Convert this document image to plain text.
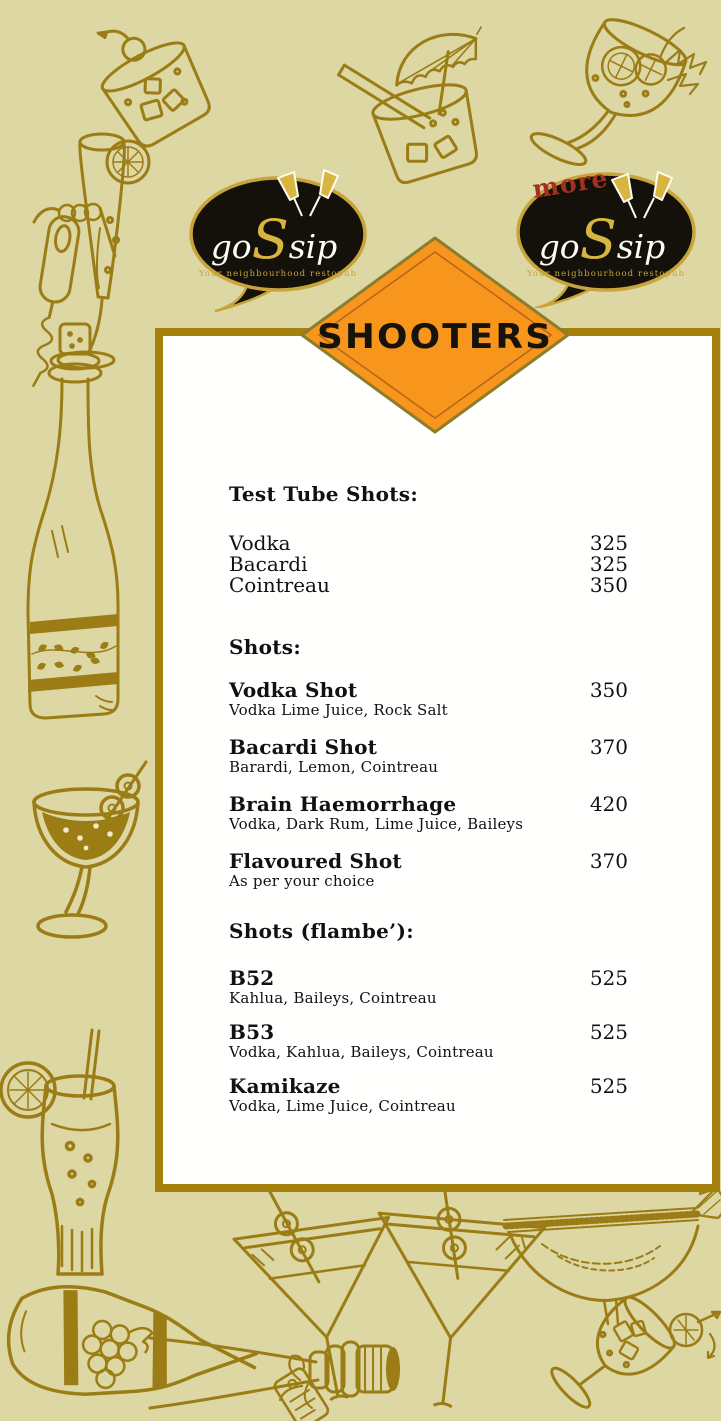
Test Tube Shots:
Vodka	325
Bacardi	325
Cointreau	350
Shots:
Vodka Shot	350
Vodka Lime Juice, Rock Salt
Bacardi Shot	370
Barardi, Lemon, Cointreau
Brain Haemorrhage	420
Vodka, Dark Rum, Lime Juice, Baileys
Flavoured Shot	370
As per your choice
Shots (flambe’):
B52	525
Kahlua, Baileys, Cointreau
B53	525
Vodka, Kahlua, Baileys, Cointreau
Kamikaze	525
Vodka, Lime Juice, Cointreau
SHOOTERS
goSsip
Your neighbourhood restopub
more
goSsip
Your neighbourhood restopub
